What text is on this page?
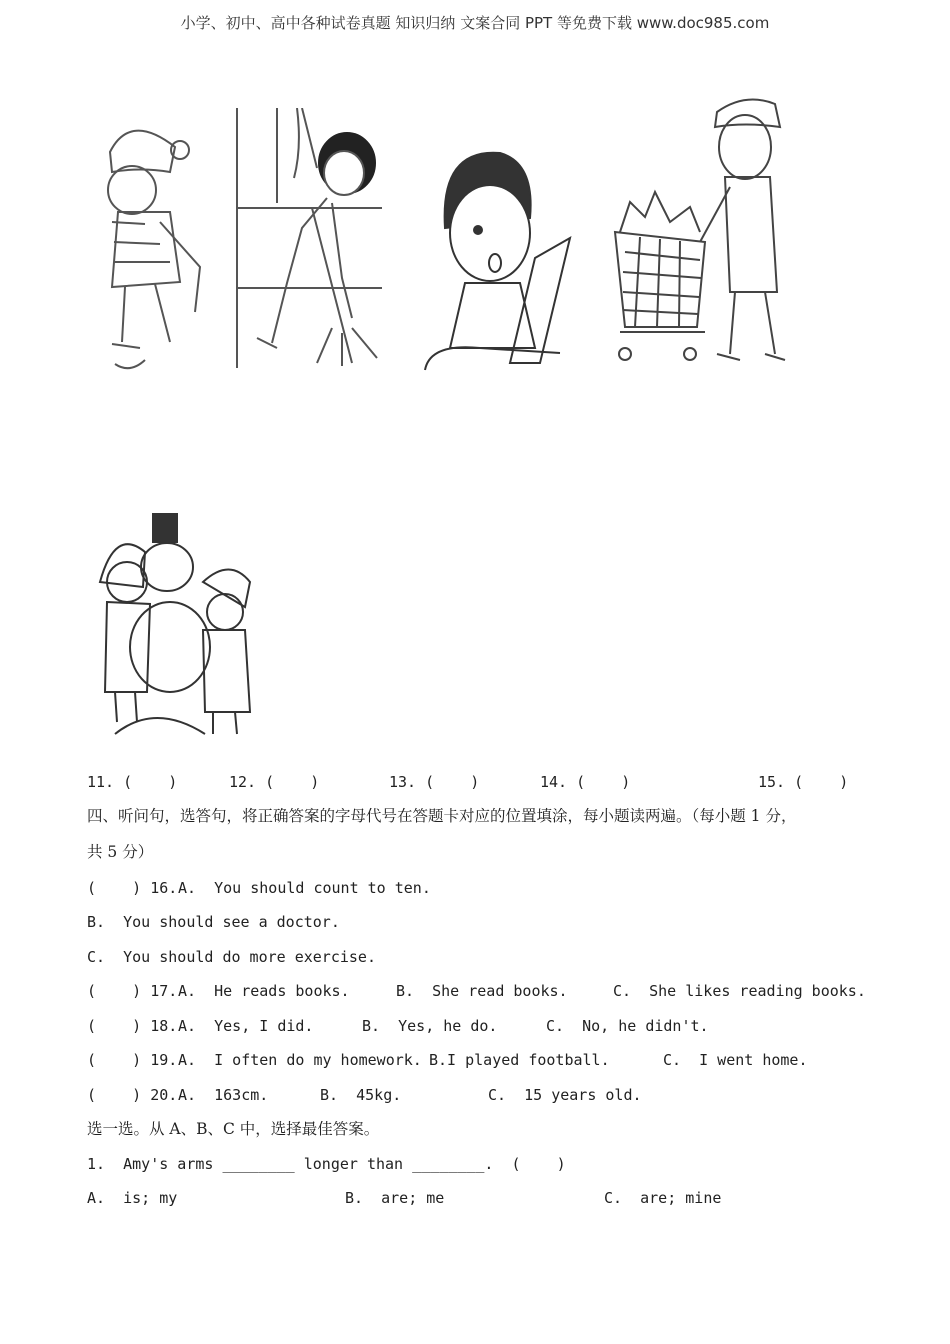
小学、初中、高中各种试卷真题 知识归纳 文案合同 PPT 等免费下载 www.doc985.com
11. (    )	12. (    )	13. (    )	14. (    )	15. (    )
四、听问句，选答句，将正确答案的字母代号在答题卡对应的位置填涂，每小题读两遍。（每小题 1 分，
共 5 分）
(    ) 16. A.  You should count to ten.
B.  You should see a doctor.
C.  You should do more exercise.
(    ) 17. A.  He reads books.	B.  She read books.	C.  She likes reading books.
(    ) 18. A.  Yes, I did.	B.  Yes, he do.	C.  No, he didn't.
(    ) 19. A.  I often do my homework. B.I played football.	C.  I went home.
(    ) 20. A.  163cm.	B.  45kg.	C.  15 years old.
选一选。从 A、B、C 中，选择最佳答案。
1.  Amy's arms ________ longer than ________.  (    )
A.  is; my	B.  are; me	C.  are; mine
